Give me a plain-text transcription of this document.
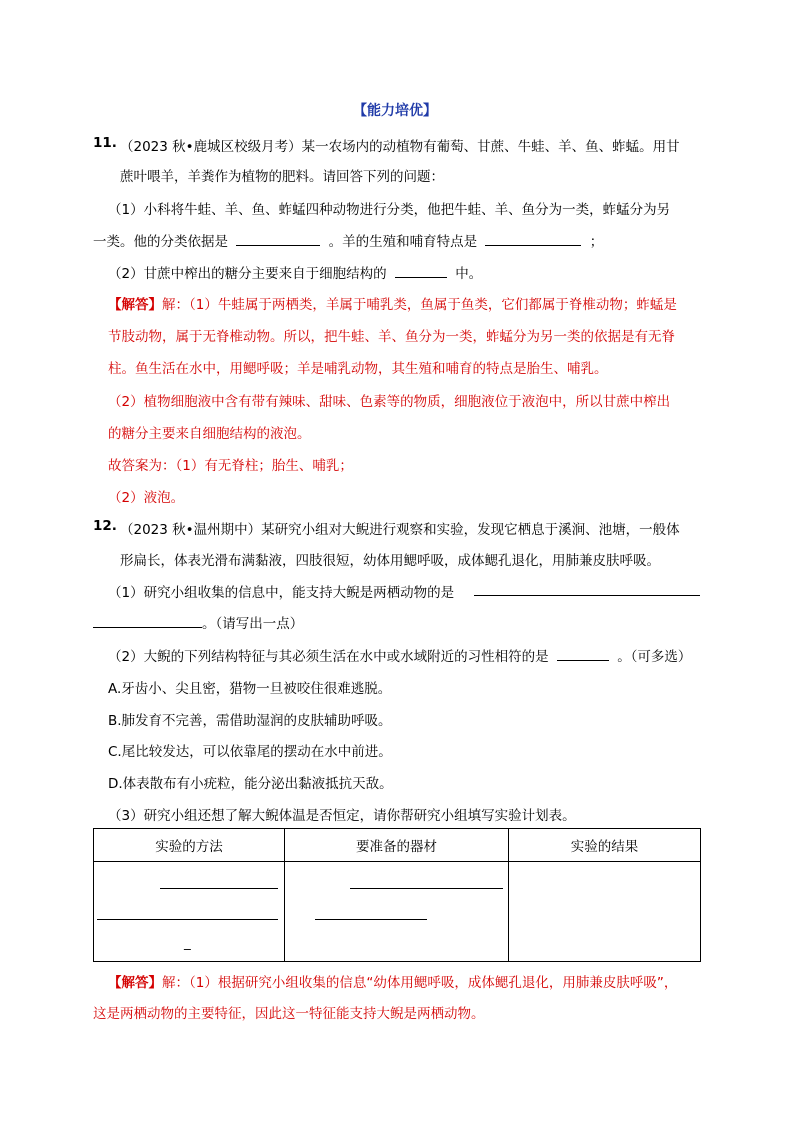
【能力培优】
11. （2023 秋•鹿城区校级月考）某一农场内的动植物有葡萄、甘蔗、牛蛙、羊、鱼、蚱蜢。用甘
蔗叶喂羊，羊粪作为植物的肥料。请回答下列的问题：
（1）小科将牛蛙、羊、鱼、蚱蜢四种动物进行分类，他把牛蛙、羊、鱼分为一类，蚱蜢分为另
一类。他的分类依据是	。羊的生殖和哺育特点是	；
（2）甘蔗中榨出的糖分主要来自于细胞结构的	中。
【解答】解：（1）牛蛙属于两栖类，羊属于哺乳类，鱼属于鱼类，它们都属于脊椎动物；蚱蜢是
节肢动物，属于无脊椎动物。所以，把牛蛙、羊、鱼分为一类，蚱蜢分为另一类的依据是有无脊
柱。鱼生活在水中，用鳃呼吸；羊是哺乳动物，其生殖和哺育的特点是胎生、哺乳。
（2）植物细胞液中含有带有辣味、甜味、色素等的物质，细胞液位于液泡中，所以甘蔗中榨出
的糖分主要来自细胞结构的液泡。
故答案为：（1）有无脊柱；胎生、哺乳；
（2）液泡。
12. （2023 秋•温州期中）某研究小组对大鲵进行观察和实验，发现它栖息于溪涧、池塘，一般体
形扁长，体表光滑布满黏液，四肢很短，幼体用鳃呼吸，成体鳃孔退化，用肺兼皮肤呼吸。
（1）研究小组收集的信息中，能支持大鲵是两栖动物的是
。（请写出一点）
（2）大鲵的下列结构特征与其必须生活在水中或水域附近的习性相符的是	。（可多选）
A.牙齿小、尖且密，猎物一旦被咬住很难逃脱。
B.肺发育不完善，需借助湿润的皮肤辅助呼吸。
C.尾比较发达，可以依靠尾的摆动在水中前进。
D.体表散布有小疣粒，能分泌出黏液抵抗天敌。
（3）研究小组还想了解大鲵体温是否恒定，请你帮研究小组填写实验计划表。
实验的方法	要准备的器材	实验的结果

_		

【解答】解：（1）根据研究小组收集的信息“幼体用鳃呼吸，成体鳃孔退化，用肺兼皮肤呼吸”，
这是两栖动物的主要特征，因此这一特征能支持大鲵是两栖动物。
